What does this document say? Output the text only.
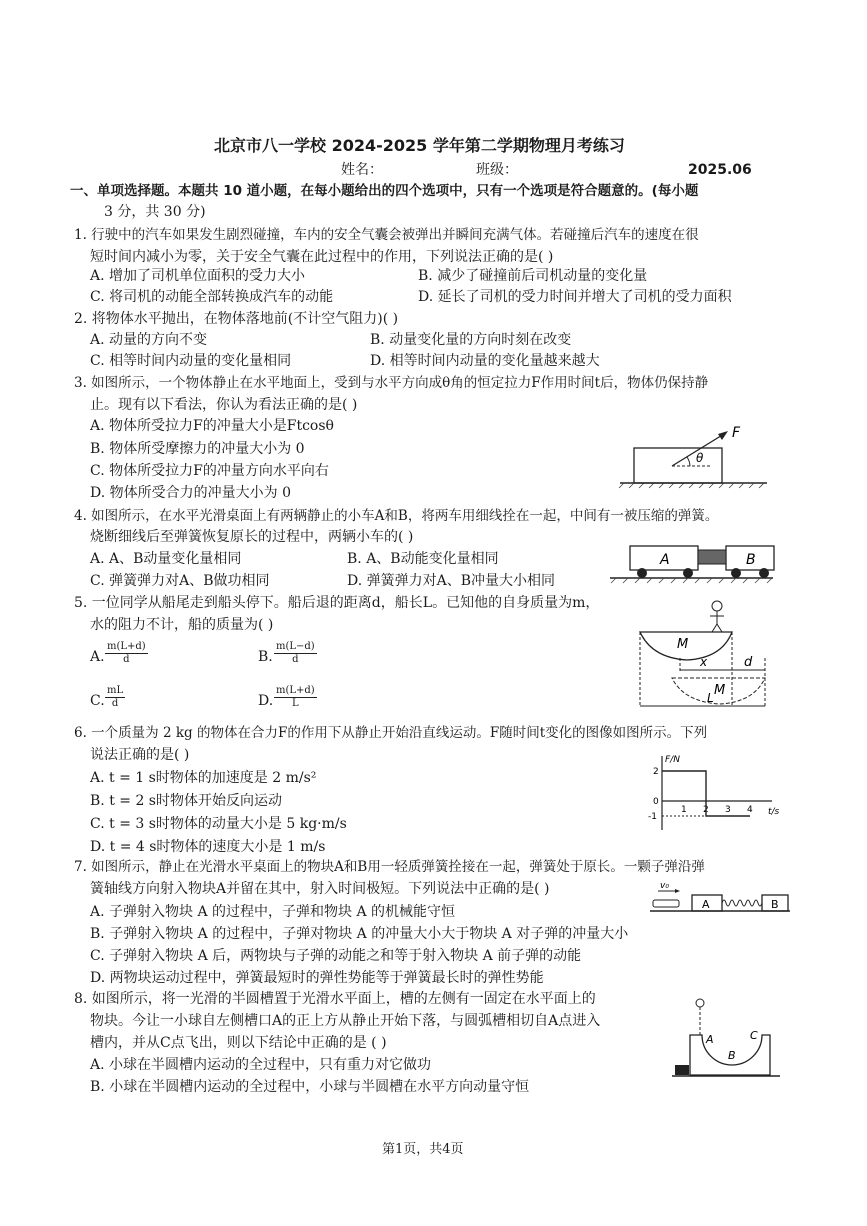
北京市八一学校 2024-2025 学年第二学期物理月考练习
姓名：	班级：	2025.06
一、单项选择题。本题共 10 道小题，在每小题给出的四个选项中，只有一个选项是符合题意的。(每小题
3 分，共 30 分)
1. 行驶中的汽车如果发生剧烈碰撞，车内的安全气囊会被弹出并瞬间充满气体。若碰撞后汽车的速度在很
短时间内减小为零，关于安全气囊在此过程中的作用，下列说法正确的是( )
A. 增加了司机单位面积的受力大小	B. 减少了碰撞前后司机动量的变化量
C. 将司机的动能全部转换成汽车的动能	D. 延长了司机的受力时间并增大了司机的受力面积
2. 将物体水平抛出，在物体落地前(不计空气阻力)( )
A. 动量的方向不变	B. 动量变化量的方向时刻在改变
C. 相等时间内动量的变化量相同	D. 相等时间内动量的变化量越来越大
3. 如图所示，一个物体静止在水平地面上，受到与水平方向成θ角的恒定拉力F作用时间t后，物体仍保持静
止。现有以下看法，你认为看法正确的是( )
A. 物体所受拉力F的冲量大小是Ftcosθ
B. 物体所受摩擦力的冲量大小为 0
C. 物体所受拉力F的冲量方向水平向右
D. 物体所受合力的冲量大小为 0
F
θ
4. 如图所示，在水平光滑桌面上有两辆静止的小车A和B，将两车用细线拴在一起，中间有一被压缩的弹簧。
烧断细线后至弹簧恢复原长的过程中，两辆小车的( )
A. A、B动量变化量相同	B. A、B动能变化量相同
C. 弹簧弹力对A、B做功相同	D. 弹簧弹力对A、B冲量大小相同
A	B
5. 一位同学从船尾走到船头停下。船后退的距离d，船长L。已知他的自身质量为m，
水的阻力不计，船的质量为( )
A. $\frac{m(L+d)}{d}$	B. $\frac{m(L-d)}{d}$
C. $\frac{mL}{d}$	D. $\frac{m(L+d)}{L}$
M
x	d
M
L
6. 一个质量为 2 kg 的物体在合力F的作用下从静止开始沿直线运动。F随时间t变化的图像如图所示。下列
说法正确的是( )
A. t = 1 s时物体的加速度是 2 m/s²
B. t = 2 s时物体开始反向运动
C. t = 3 s时物体的动量大小是 5 kg·m/s
D. t = 4 s时物体的速度大小是 1 m/s
F/N
t/s
1 2 3 4
2
0
-1
7. 如图所示，静止在光滑水平桌面上的物块A和B用一轻质弹簧拴接在一起，弹簧处于原长。一颗子弹沿弹
簧轴线方向射入物块A并留在其中，射入时间极短。下列说法中正确的是( )
A. 子弹射入物块 A 的过程中，子弹和物块 A 的机械能守恒
B. 子弹射入物块 A 的过程中，子弹对物块 A 的冲量大小大于物块 A 对子弹的冲量大小
C. 子弹射入物块 A 后，两物块与子弹的动能之和等于射入物块 A 前子弹的动能
D. 两物块运动过程中，弹簧最短时的弹性势能等于弹簧最长时的弹性势能
v₀
A	B
8. 如图所示，将一光滑的半圆槽置于光滑水平面上，槽的左侧有一固定在水平面上的
物块。今让一小球自左侧槽口A的正上方从静止开始下落，与圆弧槽相切自A点进入
槽内，并从C点飞出，则以下结论中正确的是 ( )
A. 小球在半圆槽内运动的全过程中，只有重力对它做功
B. 小球在半圆槽内运动的全过程中，小球与半圆槽在水平方向动量守恒
A
B
C
第1页，共4页
